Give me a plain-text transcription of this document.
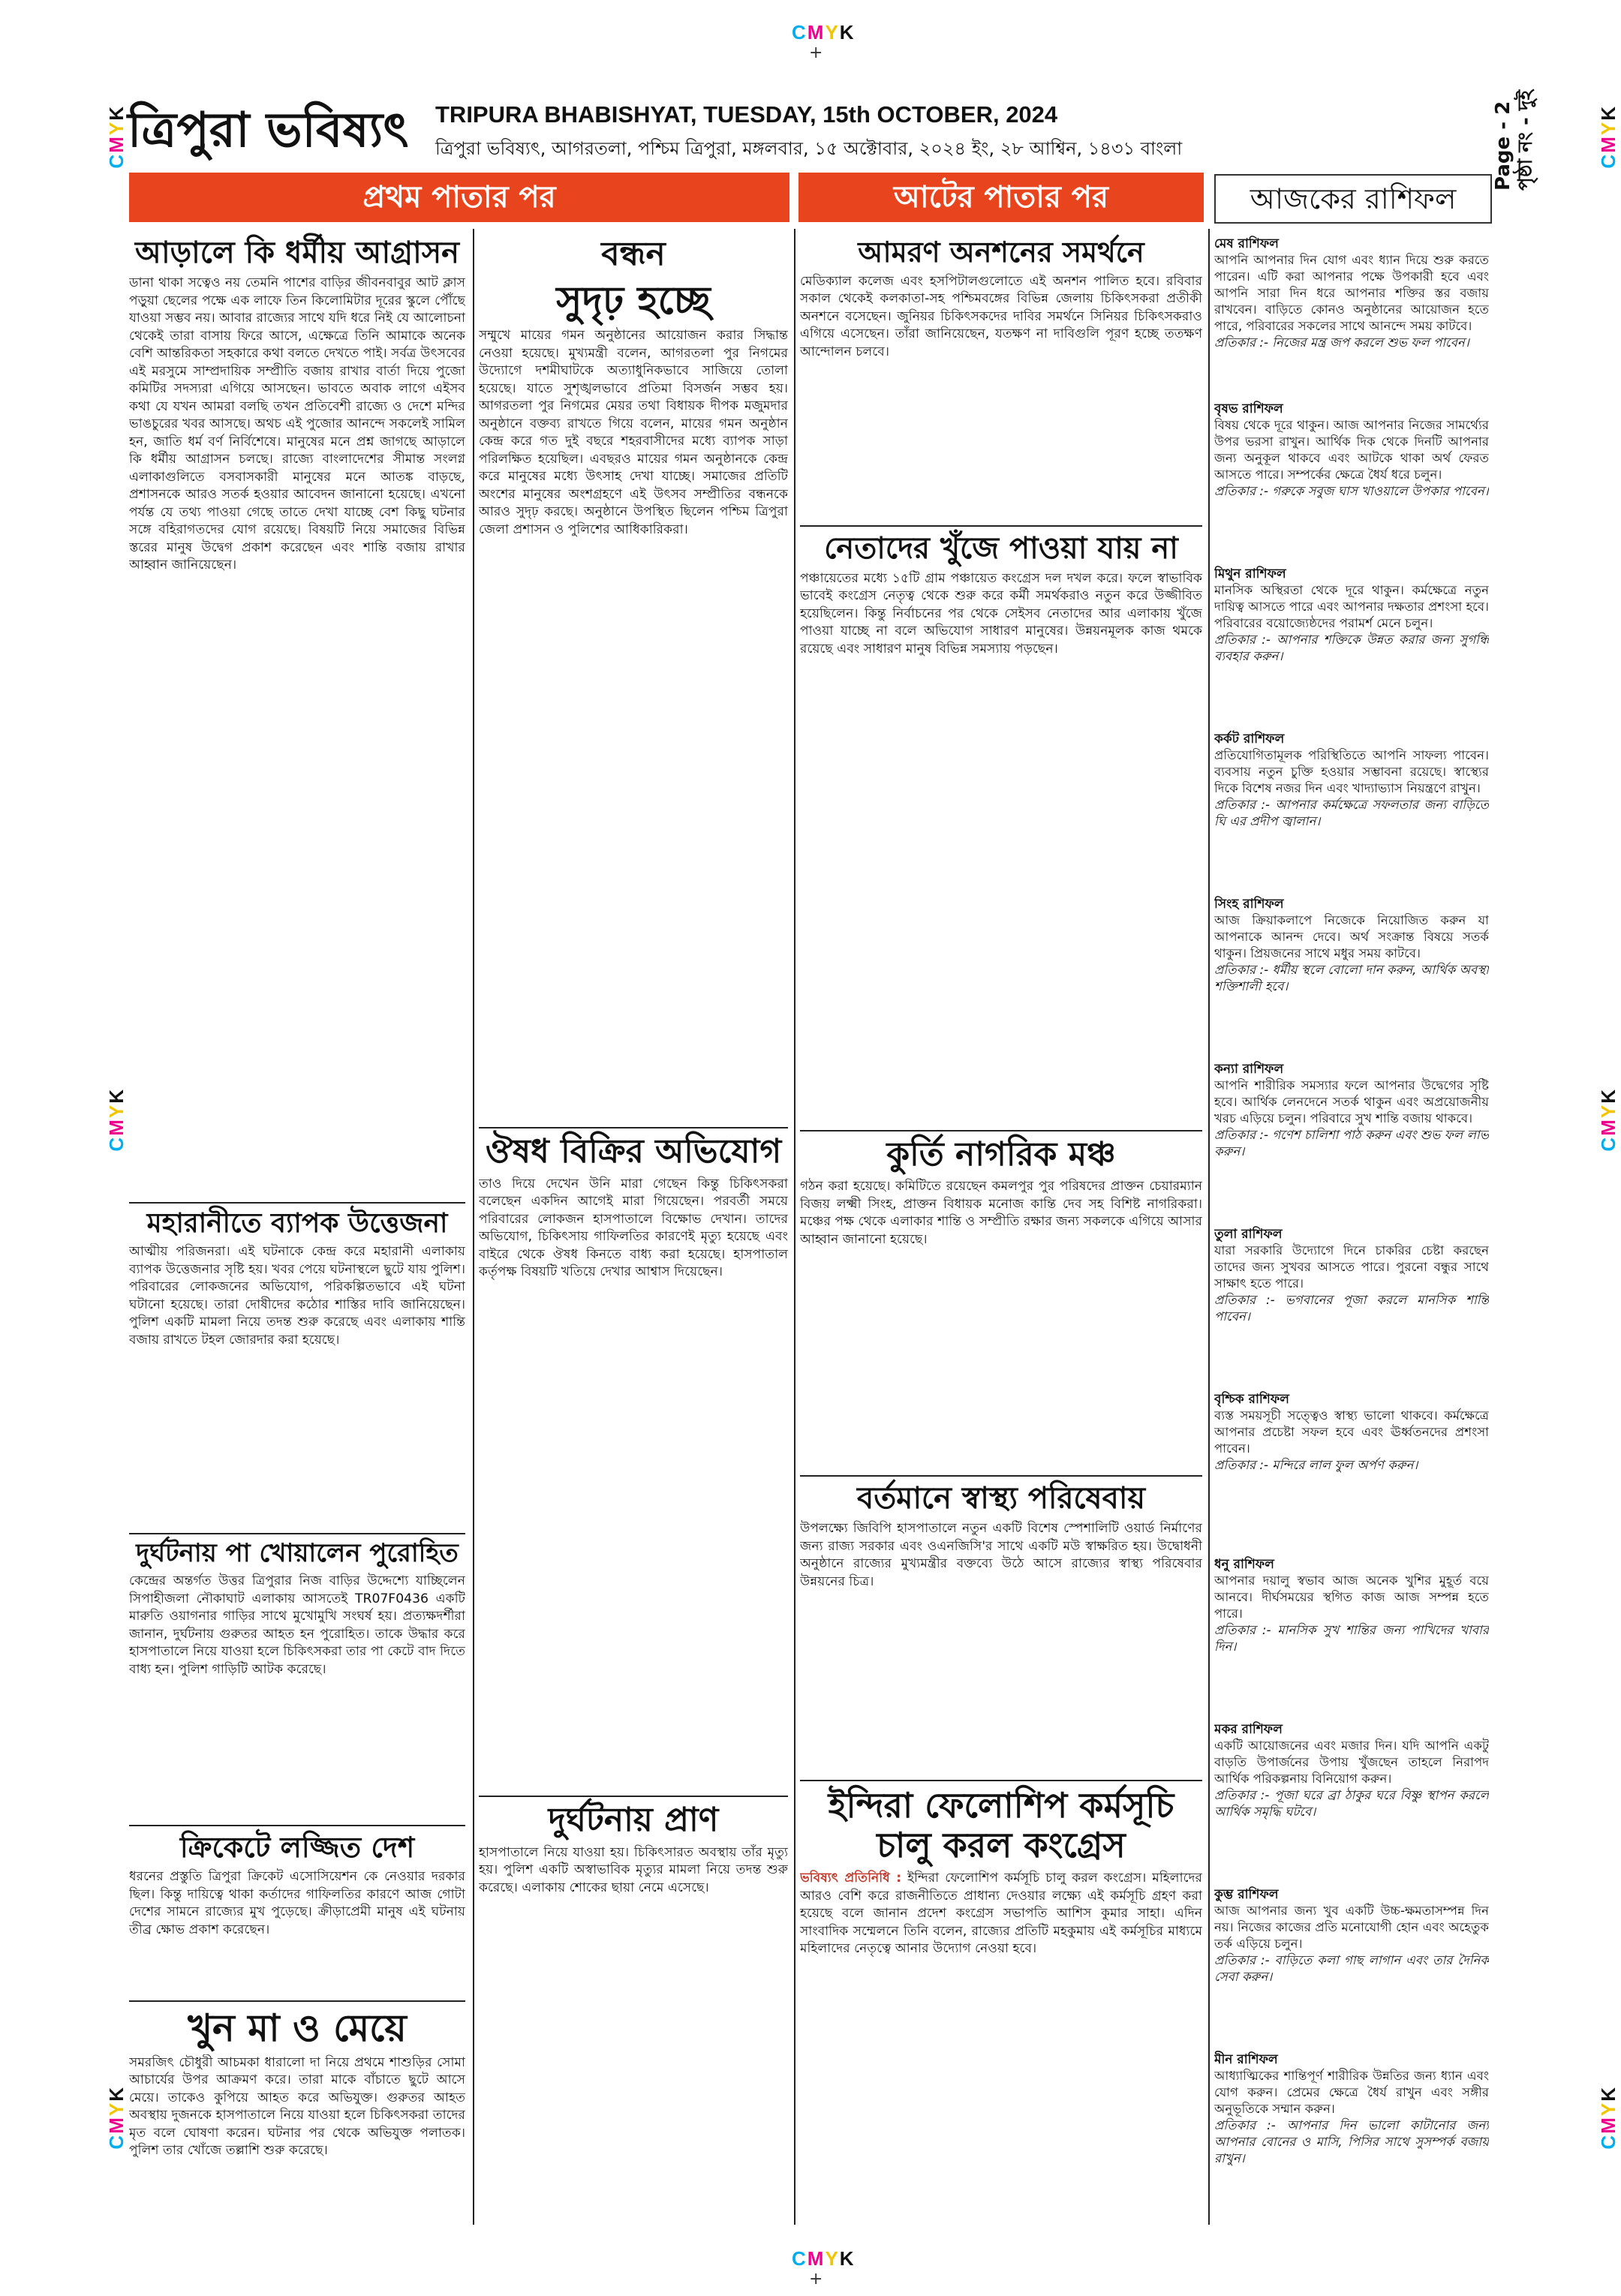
CMYK
+
CMYK
+
CMYK
CMYK
CMYK
CMYK
CMYK
CMYK
ত্রিপুরা ভবিষ্যৎ TRIPURA BHABISHYAT, TUESDAY, 15th OCTOBER, 2024
ত্রিপুরা ভবিষ্যৎ, আগরতলা, পশ্চিম ত্রিপুরা, মঙ্গলবার, ১৫ অক্টোবার, ২০২৪ ইং, ২৮ আশ্বিন, ১৪৩১ বাংলা	Page - 2
পৃষ্ঠা নং - দুই
প্রথম পাতার পর	আটের পাতার পর	আজকের রাশিফল
আড়ালে কি ধর্মীয় আগ্রাসন
ডানা থাকা সত্বেও নয় তেমনি পাশের বাড়ির জীবনবাবুর আট ক্লাস পড়ুয়া ছেলের পক্ষে এক লাফে তিন কিলোমিটার দূরের স্কুলে পৌঁছে যাওয়া সম্ভব নয়। আবার রাজ্যের সাথে যদি ধরে নিই যে আলোচনা থেকেই তারা বাসায় ফিরে আসে, এক্ষেত্রে তিনি আমাকে অনেক বেশি আন্তরিকতা সহকারে কথা বলতে দেখতে পাই। সর্বত্র উৎসবের এই মরসুমে সাম্প্রদায়িক সম্প্রীতি বজায় রাখার বার্তা দিয়ে পুজো কমিটির সদস্যরা এগিয়ে আসছেন। ভাবতে অবাক লাগে এইসব কথা যে যখন আমরা বলছি তখন প্রতিবেশী রাজ্যে ও দেশে মন্দির ভাঙচুরের খবর আসছে। অথচ এই পুজোর আনন্দে সকলেই সামিল হন, জাতি ধর্ম বর্ণ নির্বিশেষে। মানুষের মনে প্রশ্ন জাগছে আড়ালে কি ধর্মীয় আগ্রাসন চলছে। রাজ্যে বাংলাদেশের সীমান্ত সংলগ্ন এলাকাগুলিতে বসবাসকারী মানুষের মনে আতঙ্ক বাড়ছে, প্রশাসনকে আরও সতর্ক হওয়ার আবেদন জানানো হয়েছে। এখনো পর্যন্ত যে তথ্য পাওয়া গেছে তাতে দেখা যাচ্ছে বেশ কিছু ঘটনার সঙ্গে বহিরাগতদের যোগ রয়েছে। বিষয়টি নিয়ে সমাজের বিভিন্ন স্তরের মানুষ উদ্বেগ প্রকাশ করেছেন এবং শান্তি বজায় রাখার আহ্বান জানিয়েছেন।
মহারানীতে ব্যাপক উত্তেজনা
আত্মীয় পরিজনরা। এই ঘটনাকে কেন্দ্র করে মহারানী এলাকায় ব্যাপক উত্তেজনার সৃষ্টি হয়। খবর পেয়ে ঘটনাস্থলে ছুটে যায় পুলিশ। পরিবারের লোকজনের অভিযোগ, পরিকল্পিতভাবে এই ঘটনা ঘটানো হয়েছে। তারা দোষীদের কঠোর শাস্তির দাবি জানিয়েছেন। পুলিশ একটি মামলা নিয়ে তদন্ত শুরু করেছে এবং এলাকায় শান্তি বজায় রাখতে টহল জোরদার করা হয়েছে।
দুর্ঘটনায় পা খোয়ালেন পুরোহিত
কেন্দ্রের অন্তর্গত উত্তর ত্রিপুরার নিজ বাড়ির উদ্দেশ্যে যাচ্ছিলেন সিপাহীজলা নৌকাঘাট এলাকায় আসতেই TR07F0436 একটি মারুতি ওয়াগনার গাড়ির সাথে মুখোমুখি সংঘর্ষ হয়। প্রত্যক্ষদর্শীরা জানান, দুর্ঘটনায় গুরুতর আহত হন পুরোহিত। তাকে উদ্ধার করে হাসপাতালে নিয়ে যাওয়া হলে চিকিৎসকরা তার পা কেটে বাদ দিতে বাধ্য হন। পুলিশ গাড়িটি আটক করেছে।
ক্রিকেটে লজ্জিত দেশ
ধরনের প্রস্তুতি ত্রিপুরা ক্রিকেট এসোসিয়েশন কে নেওয়ার দরকার ছিল। কিন্তু দায়িত্বে থাকা কর্তাদের গাফিলতির কারণে আজ গোটা দেশের সামনে রাজ্যের মুখ পুড়েছে। ক্রীড়াপ্রেমী মানুষ এই ঘটনায় তীব্র ক্ষোভ প্রকাশ করেছেন।
খুন মা ও মেয়ে
সমরজিৎ চৌধুরী আচমকা ধারালো দা নিয়ে প্রথমে শাশুড়ির সোমা আচার্যের উপর আক্রমণ করে। তারা মাকে বাঁচাতে ছুটে আসে মেয়ে। তাকেও কুপিয়ে আহত করে অভিযুক্ত। গুরুতর আহত অবস্থায় দুজনকে হাসপাতালে নিয়ে যাওয়া হলে চিকিৎসকরা তাদের মৃত বলে ঘোষণা করেন। ঘটনার পর থেকে অভিযুক্ত পলাতক। পুলিশ তার খোঁজে তল্লাশি শুরু করেছে।
বন্ধন
সুদৃঢ় হচ্ছে
সম্মুখে মায়ের গমন অনুষ্ঠানের আয়োজন করার সিদ্ধান্ত নেওয়া হয়েছে। মুখ্যমন্ত্রী বলেন, আগরতলা পুর নিগমের উদ্যোগে দশমীঘাটকে অত্যাধুনিকভাবে সাজিয়ে তোলা হয়েছে। যাতে সুশৃঙ্খলভাবে প্রতিমা বিসর্জন সম্ভব হয়। আগরতলা পুর নিগমের মেয়র তথা বিধায়ক দীপক মজুমদার অনুষ্ঠানে বক্তব্য রাখতে গিয়ে বলেন, মায়ের গমন অনুষ্ঠান কেন্দ্র করে গত দুই বছরে শহরবাসীদের মধ্যে ব্যাপক সাড়া পরিলক্ষিত হয়েছিল। এবছরও মায়ের গমন অনুষ্ঠানকে কেন্দ্র করে মানুষের মধ্যে উৎসাহ দেখা যাচ্ছে। সমাজের প্রতিটি অংশের মানুষের অংশগ্রহণে এই উৎসব সম্প্রীতির বন্ধনকে আরও সুদৃঢ় করছে। অনুষ্ঠানে উপস্থিত ছিলেন পশ্চিম ত্রিপুরা জেলা প্রশাসন ও পুলিশের আধিকারিকরা।
ঔষধ বিক্রির অভিযোগ
তাও দিয়ে দেখেন উনি মারা গেছেন কিন্তু চিকিৎসকরা বলেছেন একদিন আগেই মারা গিয়েছেন। পরবর্তী সময়ে পরিবারের লোকজন হাসপাতালে বিক্ষোভ দেখান। তাদের অভিযোগ, চিকিৎসায় গাফিলতির কারণেই মৃত্যু হয়েছে এবং বাইরে থেকে ঔষধ কিনতে বাধ্য করা হয়েছে। হাসপাতাল কর্তৃপক্ষ বিষয়টি খতিয়ে দেখার আশ্বাস দিয়েছেন।
দুর্ঘটনায় প্রাণ
হাসপাতালে নিয়ে যাওয়া হয়। চিকিৎসারত অবস্থায় তাঁর মৃত্যু হয়। পুলিশ একটি অস্বাভাবিক মৃত্যুর মামলা নিয়ে তদন্ত শুরু করেছে। এলাকায় শোকের ছায়া নেমে এসেছে।
আমরণ অনশনের সমর্থনে
মেডিক্যাল কলেজ এবং হসপিটালগুলোতে এই অনশন পালিত হবে। রবিবার সকাল থেকেই কলকাতা-সহ পশ্চিমবঙ্গের বিভিন্ন জেলায় চিকিৎসকরা প্রতীকী অনশনে বসেছেন। জুনিয়র চিকিৎসকদের দাবির সমর্থনে সিনিয়র চিকিৎসকরাও এগিয়ে এসেছেন। তাঁরা জানিয়েছেন, যতক্ষণ না দাবিগুলি পূরণ হচ্ছে ততক্ষণ আন্দোলন চলবে।
নেতাদের খুঁজে পাওয়া যায় না
পঞ্চায়েতের মধ্যে ১৫টি গ্রাম পঞ্চায়েত কংগ্রেস দল দখল করে। ফলে স্বাভাবিক ভাবেই কংগ্রেস নেতৃত্ব থেকে শুরু করে কর্মী সমর্থকরাও নতুন করে উজ্জীবিত হয়েছিলেন। কিন্তু নির্বাচনের পর থেকে সেইসব নেতাদের আর এলাকায় খুঁজে পাওয়া যাচ্ছে না বলে অভিযোগ সাধারণ মানুষের। উন্নয়নমূলক কাজ থমকে রয়েছে এবং সাধারণ মানুষ বিভিন্ন সমস্যায় পড়ছেন।
কুর্তি নাগরিক মঞ্চ
গঠন করা হয়েছে। কমিটিতে রয়েছেন কমলপুর পুর পরিষদের প্রাক্তন চেয়ারম্যান বিজয় লক্ষ্মী সিংহ, প্রাক্তন বিধায়ক মনোজ কান্তি দেব সহ বিশিষ্ট নাগরিকরা। মঞ্চের পক্ষ থেকে এলাকার শান্তি ও সম্প্রীতি রক্ষার জন্য সকলকে এগিয়ে আসার আহ্বান জানানো হয়েছে।
বর্তমানে স্বাস্থ্য পরিষেবায়
উপলক্ষ্যে জিবিপি হাসপাতালে নতুন একটি বিশেষ স্পেশালিটি ওয়ার্ড নির্মাণের জন্য রাজ্য সরকার এবং ওএনজিসি'র সাথে একটি মউ স্বাক্ষরিত হয়। উদ্বোধনী অনুষ্ঠানে রাজ্যের মুখ্যমন্ত্রীর বক্তব্যে উঠে আসে রাজ্যের স্বাস্থ্য পরিষেবার উন্নয়নের চিত্র।
ইন্দিরা ফেলোশিপ কর্মসূচি চালু করল কংগ্রেস
ভবিষ্যৎ প্রতিনিধি : ইন্দিরা ফেলোশিপ কর্মসূচি চালু করল কংগ্রেস। মহিলাদের আরও বেশি করে রাজনীতিতে প্রাধান্য দেওয়ার লক্ষ্যে এই কর্মসূচি গ্রহণ করা হয়েছে বলে জানান প্রদেশ কংগ্রেস সভাপতি আশিস কুমার সাহা। এদিন সাংবাদিক সম্মেলনে তিনি বলেন, রাজ্যের প্রতিটি মহকুমায় এই কর্মসূচির মাধ্যমে মহিলাদের নেতৃত্বে আনার উদ্যোগ নেওয়া হবে।
মেষ রাশিফল
আপনি আপনার দিন যোগ এবং ধ্যান দিয়ে শুরু করতে পারেন। এটি করা আপনার পক্ষে উপকারী হবে এবং আপনি সারা দিন ধরে আপনার শক্তির স্তর বজায় রাখবেন। বাড়িতে কোনও অনুষ্ঠানের আয়োজন হতে পারে, পরিবারের সকলের সাথে আনন্দে সময় কাটবে।
প্রতিকার :- নিজের মন্ত্র জপ করলে শুভ ফল পাবেন।
বৃষভ রাশিফল
বিষয় থেকে দূরে থাকুন। আজ আপনার নিজের সামর্থ্যের উপর ভরসা রাখুন। আর্থিক দিক থেকে দিনটি আপনার জন্য অনুকূল থাকবে এবং আটকে থাকা অর্থ ফেরত আসতে পারে। সম্পর্কের ক্ষেত্রে ধৈর্য ধরে চলুন।
প্রতিকার :- গরুকে সবুজ ঘাস খাওয়ালে উপকার পাবেন।
মিথুন রাশিফল
মানসিক অস্থিরতা থেকে দূরে থাকুন। কর্মক্ষেত্রে নতুন দায়িত্ব আসতে পারে এবং আপনার দক্ষতার প্রশংসা হবে। পরিবারের বয়োজ্যেষ্ঠদের পরামর্শ মেনে চলুন।
প্রতিকার :- আপনার শক্তিকে উন্নত করার জন্য সুগন্ধি ব্যবহার করুন।
কর্কট রাশিফল
প্রতিযোগিতামূলক পরিস্থিতিতে আপনি সাফল্য পাবেন। ব্যবসায় নতুন চুক্তি হওয়ার সম্ভাবনা রয়েছে। স্বাস্থ্যের দিকে বিশেষ নজর দিন এবং খাদ্যাভ্যাস নিয়ন্ত্রণে রাখুন।
প্রতিকার :- আপনার কর্মক্ষেত্রে সফলতার জন্য বাড়িতে ঘি এর প্রদীপ জ্বালান।
সিংহ রাশিফল
আজ ক্রিয়াকলাপে নিজেকে নিয়োজিত করুন যা আপনাকে আনন্দ দেবে। অর্থ সংক্রান্ত বিষয়ে সতর্ক থাকুন। প্রিয়জনের সাথে মধুর সময় কাটবে।
প্রতিকার :- ধর্মীয় স্থলে বোলো দান করুন, আর্থিক অবস্থা শক্তিশালী হবে।
কন্যা রাশিফল
আপনি শারীরিক সমস্যার ফলে আপনার উদ্বেগের সৃষ্টি হবে। আর্থিক লেনদেনে সতর্ক থাকুন এবং অপ্রয়োজনীয় খরচ এড়িয়ে চলুন। পরিবারে সুখ শান্তি বজায় থাকবে।
প্রতিকার :- গণেশ চালিশা পাঠ করুন এবং শুভ ফল লাভ করুন।
তুলা রাশিফল
যারা সরকারি উদ্যোগে দিনে চাকরির চেষ্টা করছেন তাদের জন্য সুখবর আসতে পারে। পুরনো বন্ধুর সাথে সাক্ষাৎ হতে পারে।
প্রতিকার :- ভগবানের পূজা করলে মানসিক শান্তি পাবেন।
বৃশ্চিক রাশিফল
ব্যস্ত সময়সূচী সত্ত্বেও স্বাস্থ্য ভালো থাকবে। কর্মক্ষেত্রে আপনার প্রচেষ্টা সফল হবে এবং ঊর্ধ্বতনদের প্রশংসা পাবেন।
প্রতিকার :- মন্দিরে লাল ফুল অর্পণ করুন।
ধনু রাশিফল
আপনার দয়ালু স্বভাব আজ অনেক খুশির মুহূর্ত বয়ে আনবে। দীর্ঘসময়ের স্থগিত কাজ আজ সম্পন্ন হতে পারে।
প্রতিকার :- মানসিক সুখ শান্তির জন্য পাখিদের খাবার দিন।
মকর রাশিফল
একটি আয়োজনের এবং মজার দিন। যদি আপনি একটু বাড়তি উপার্জনের উপায় খুঁজছেন তাহলে নিরাপদ আর্থিক পরিকল্পনায় বিনিয়োগ করুন।
প্রতিকার :- পূজা ঘরে ব্রা ঠাকুর ঘরে বিষ্ণু স্থাপন করলে আর্থিক সমৃদ্ধি ঘটবে।
কুম্ভ রাশিফল
আজ আপনার জন্য খুব একটি উচ্চ-ক্ষমতাসম্পন্ন দিন নয়। নিজের কাজের প্রতি মনোযোগী হোন এবং অহেতুক তর্ক এড়িয়ে চলুন।
প্রতিকার :- বাড়িতে কলা গাছ লাগান এবং তার দৈনিক সেবা করুন।
মীন রাশিফল
আধ্যাত্মিকের শান্তিপূর্ণ শারীরিক উন্নতির জন্য ধ্যান এবং যোগ করুন। প্রেমের ক্ষেত্রে ধৈর্য রাখুন এবং সঙ্গীর অনুভূতিকে সম্মান করুন।
প্রতিকার :- আপনার দিন ভালো কাটানোর জন্য আপনার বোনের ও মাসি, পিসির সাথে সুসম্পর্ক বজায় রাখুন।
